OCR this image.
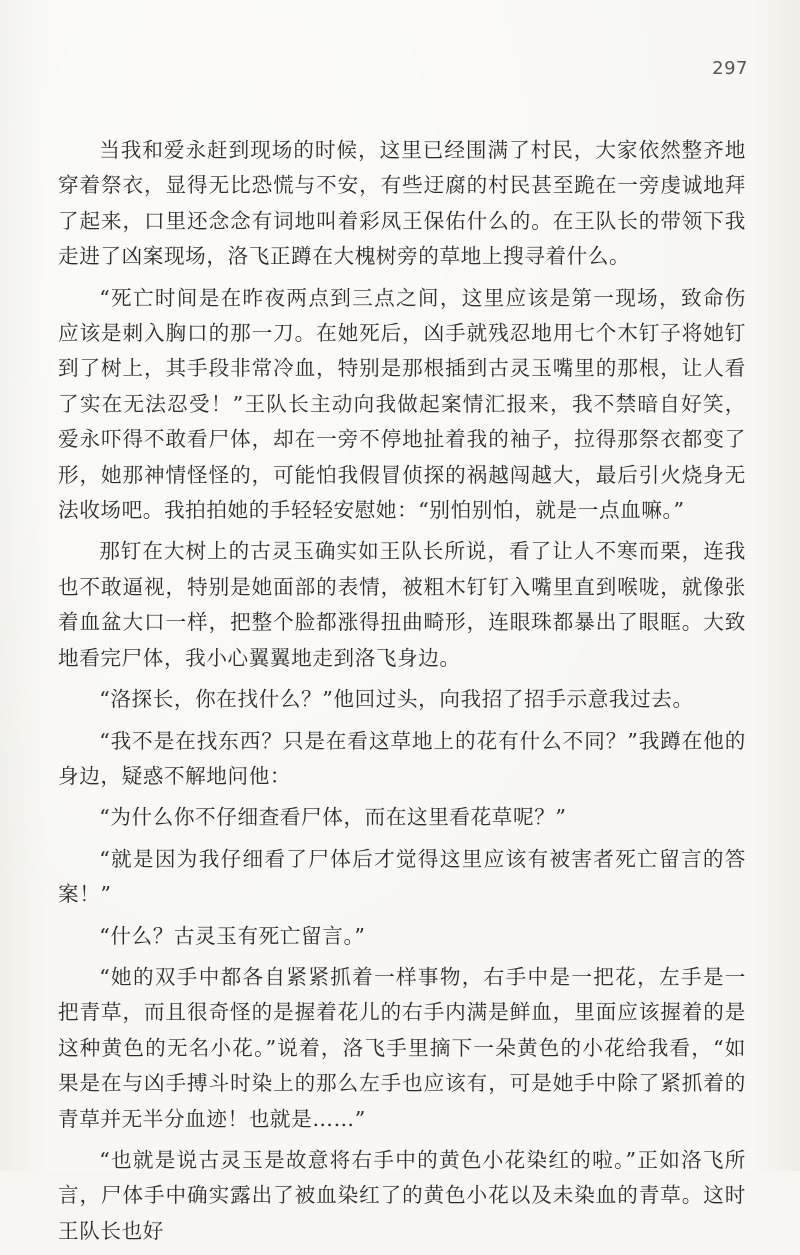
297

当我和爱永赶到现场的时候，这里已经围满了村民，大家依然整齐地穿着祭衣，显得无比恐慌与不安，有些迂腐的村民甚至跪在一旁虔诚地拜了起来，口里还念念有词地叫着彩凤王保佑什么的。在王队长的带领下我走进了凶案现场，洛飞正蹲在大槐树旁的草地上搜寻着什么。

“死亡时间是在昨夜两点到三点之间，这里应该是第一现场，致命伤应该是刺入胸口的那一刀。在她死后，凶手就残忍地用七个木钉子将她钉到了树上，其手段非常冷血，特别是那根插到古灵玉嘴里的那根，让人看了实在无法忍受！”王队长主动向我做起案情汇报来，我不禁暗自好笑，爱永吓得不敢看尸体，却在一旁不停地扯着我的袖子，拉得那祭衣都变了形，她那神情怪怪的，可能怕我假冒侦探的祸越闯越大，最后引火烧身无法收场吧。我拍拍她的手轻轻安慰她：“别怕别怕，就是一点血嘛。”

那钉在大树上的古灵玉确实如王队长所说，看了让人不寒而栗，连我也不敢逼视，特别是她面部的表情，被粗木钉钉入嘴里直到喉咙，就像张着血盆大口一样，把整个脸都涨得扭曲畸形，连眼珠都暴出了眼眶。大致地看完尸体，我小心翼翼地走到洛飞身边。

“洛探长，你在找什么？”他回过头，向我招了招手示意我过去。

“我不是在找东西？只是在看这草地上的花有什么不同？”我蹲在他的身边，疑惑不解地问他：

“为什么你不仔细查看尸体，而在这里看花草呢？”

“就是因为我仔细看了尸体后才觉得这里应该有被害者死亡留言的答案！”

“什么？古灵玉有死亡留言。”

“她的双手中都各自紧紧抓着一样事物，右手中是一把花，左手是一把青草，而且很奇怪的是握着花儿的右手内满是鲜血，里面应该握着的是这种黄色的无名小花。”说着，洛飞手里摘下一朵黄色的小花给我看，“如果是在与凶手搏斗时染上的那么左手也应该有，可是她手中除了紧抓着的青草并无半分血迹！也就是……”

“也就是说古灵玉是故意将右手中的黄色小花染红的啦。”正如洛飞所言，尸体手中确实露出了被血染红了的黄色小花以及未染血的青草。这时王队长也好
